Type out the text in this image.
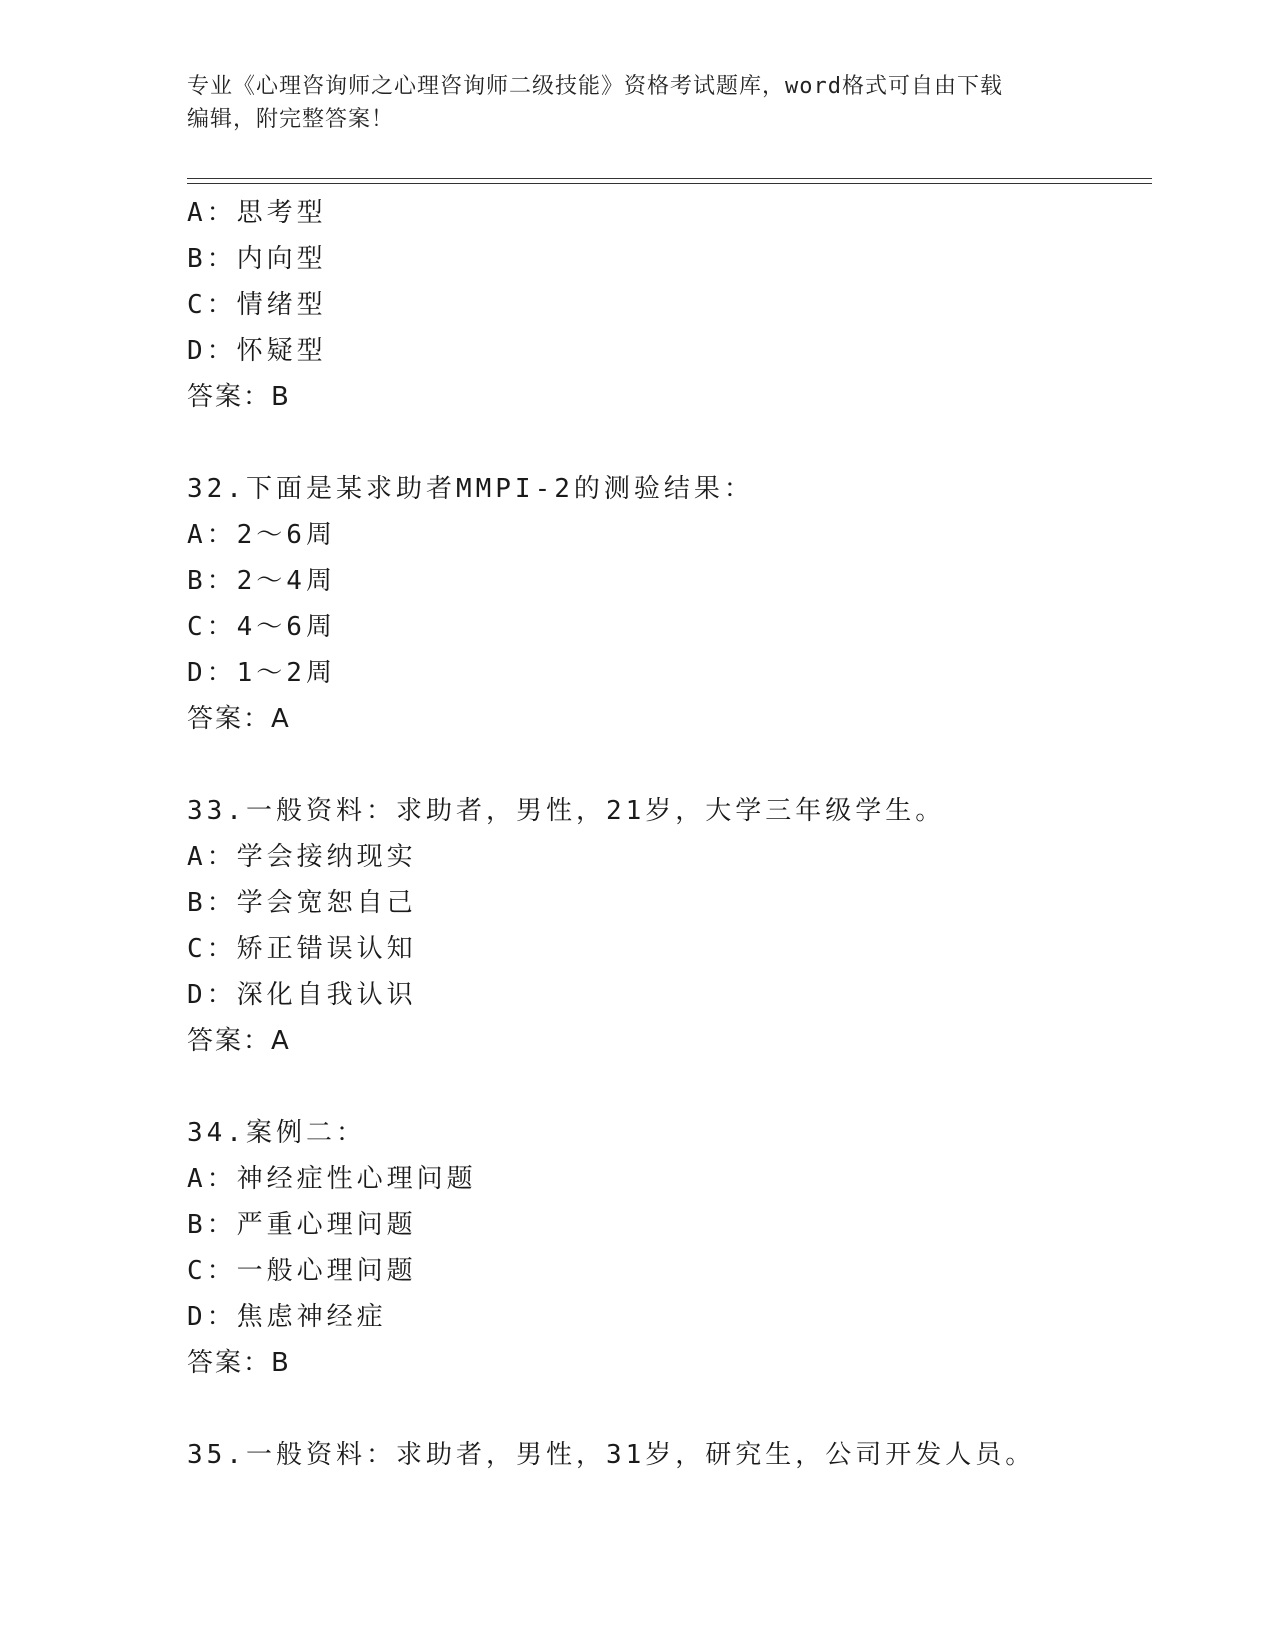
专业《心理咨询师之心理咨询师二级技能》资格考试题库，word格式可自由下载
编辑，附完整答案！
A：思考型
B：内向型
C：情绪型
D：怀疑型
答案：B
32.下面是某求助者MMPI-2的测验结果：
A：2～6周
B：2～4周
C：4～6周
D：1～2周
答案：A
33.一般资料：求助者，男性，21岁，大学三年级学生。
A：学会接纳现实
B：学会宽恕自己
C：矫正错误认知
D：深化自我认识
答案：A
34.案例二：
A：神经症性心理问题
B：严重心理问题
C：一般心理问题
D：焦虑神经症
答案：B
35.一般资料：求助者，男性，31岁，研究生，公司开发人员。
